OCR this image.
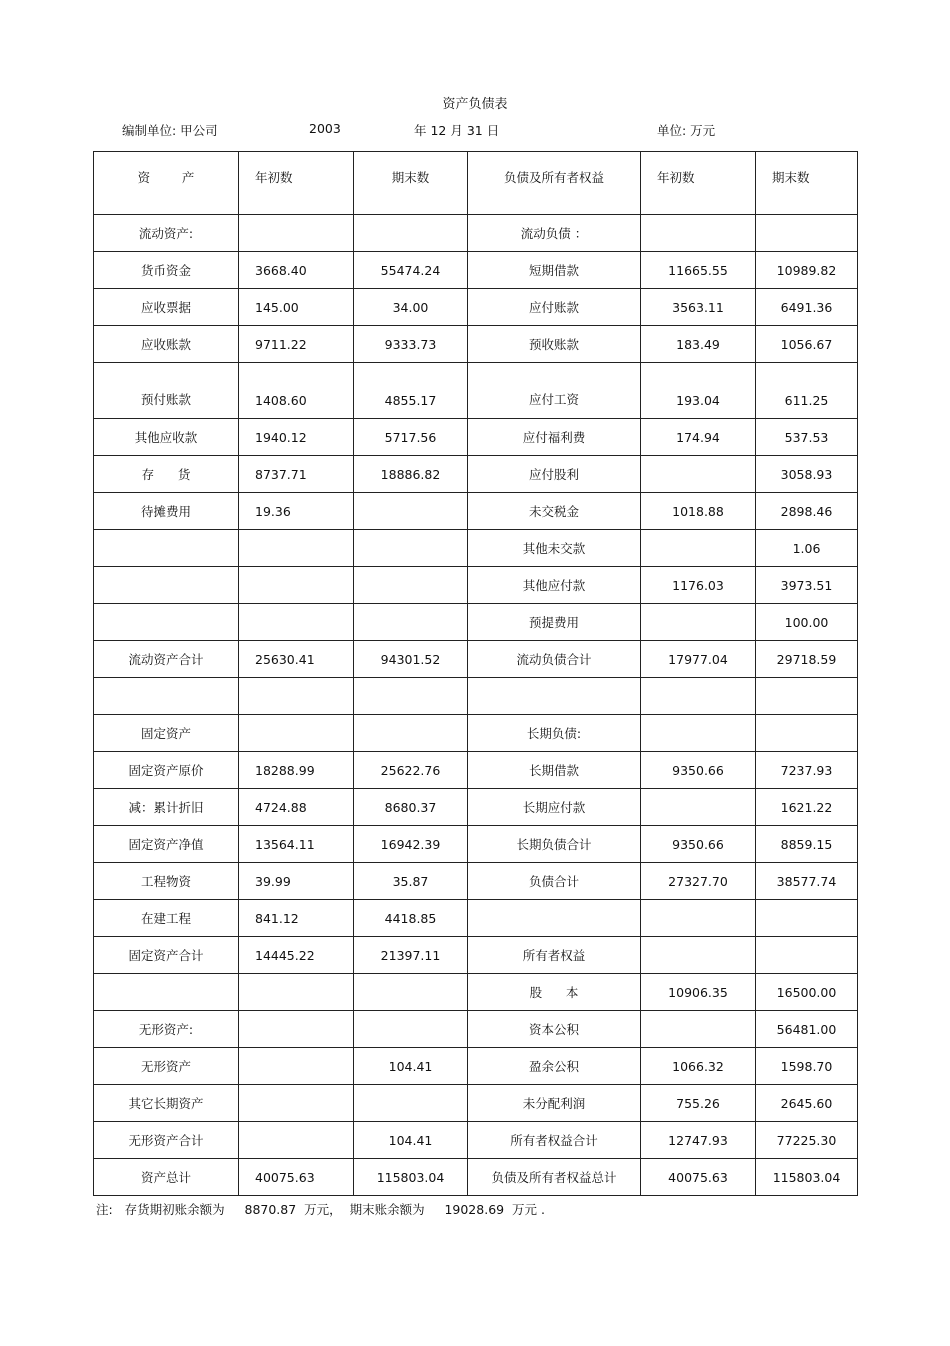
资产负债表
编制单位: 甲公司	2003	年 12 月 31 日	单位: 万元
资        产	年初数	期末数	负债及所有者权益	年初数	期末数
流动资产:			流动负债 ：		
货币资金	3668.40	55474.24	短期借款	11665.55	10989.82
应收票据	145.00	34.00	应付账款	3563.11	6491.36
应收账款	9711.22	9333.73	预收账款	183.49	1056.67
预付账款	1408.60	4855.17	应付工资	193.04	611.25
其他应收款	1940.12	5717.56	应付福利费	174.94	537.53
存      货	8737.71	18886.82	应付股利		3058.93
待摊费用	19.36		未交税金	1018.88	2898.46
			其他未交款		1.06
			其他应付款	1176.03	3973.51
			预提费用		100.00
流动资产合计	25630.41	94301.52	流动负债合计	17977.04	29718.59

固定资产			长期负债:		
固定资产原价	18288.99	25622.76	长期借款	9350.66	7237.93
减：累计折旧	4724.88	8680.37	长期应付款		1621.22
固定资产净值	13564.11	16942.39	长期负债合计	9350.66	8859.15
工程物资	39.99	35.87	负债合计	27327.70	38577.74
在建工程	841.12	4418.85			
固定资产合计	14445.22	21397.11	所有者权益		
			股      本	10906.35	16500.00
无形资产:			资本公积		56481.00
无形资产		104.41	盈余公积	1066.32	1598.70
其它长期资产			未分配利润	755.26	2645.60
无形资产合计		104.41	所有者权益合计	12747.93	77225.30
资产总计	40075.63	115803.04	负债及所有者权益总计	40075.63	115803.04
注:   存货期初账余额为     8870.87  万元，  期末账余额为     19028.69  万元 .
